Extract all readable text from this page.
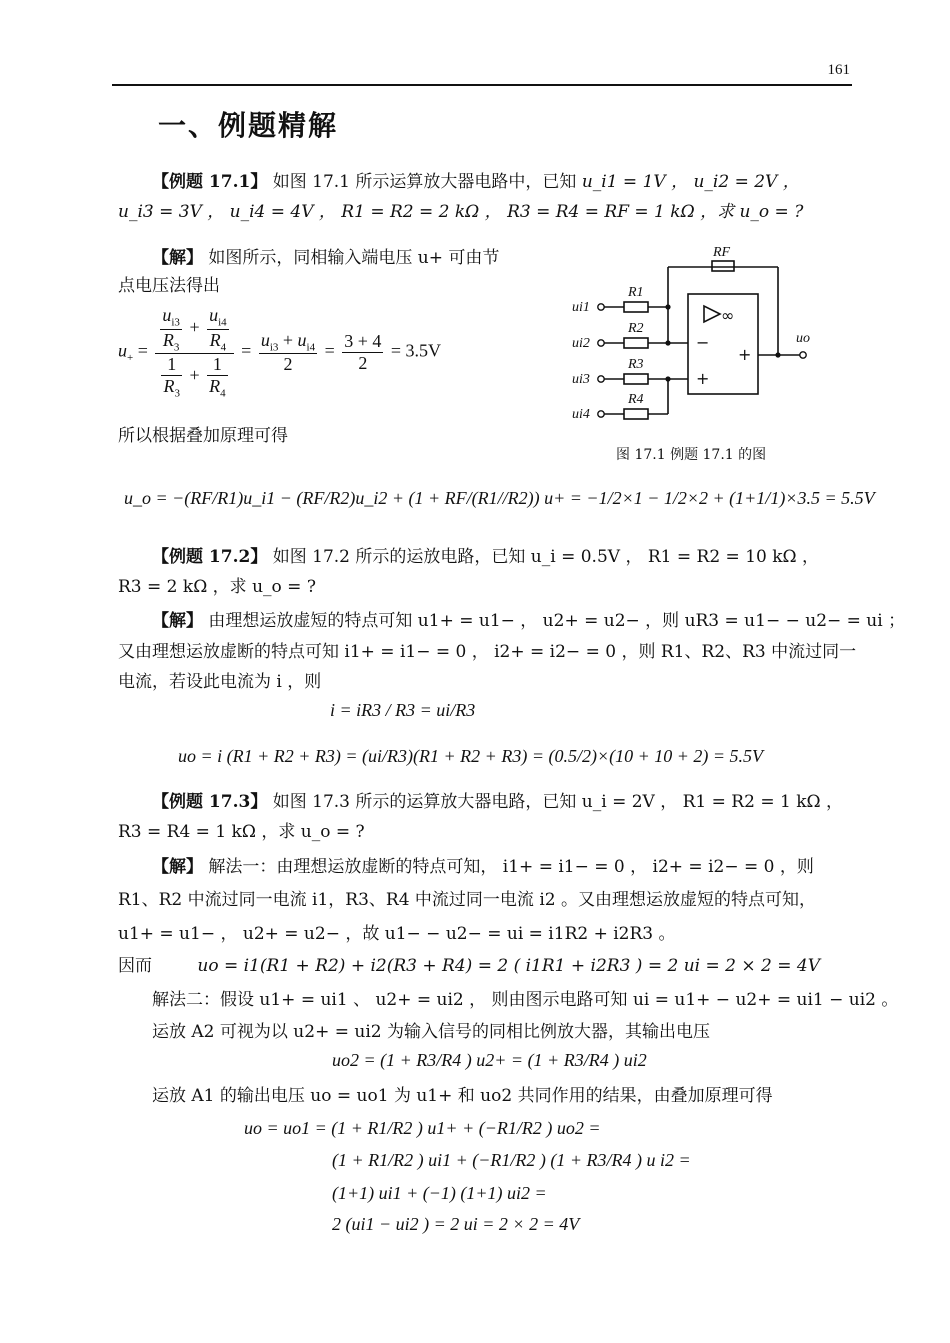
161
一、例题精解
【例题 17.1】 如图 17.1 所示运算放大器电路中，已知 u_i1 = 1V ， u_i2 = 2V ，
u_i3 = 3V ， u_i4 = 4V ， R1 = R2 = 2 kΩ ， R3 = R4 = RF = 1 kΩ ，求 u_o = ?
【解】 如图所示，同相输入端电压 u+ 可由节
点电压法得出
$u_+ = \frac{\frac{u_{i3}}{R_3} + \frac{u_{i4}}{R_4}}{\frac{1}{R_3} + \frac{1}{R_4}} = \frac{u_{i3} + u_{i4}}{2} = \frac{3 + 4}{2} = 3.5V$
所以根据叠加原理可得
RF
R1
R2
R3
R4
ui1
ui2
ui3
ui4
uo
∞
−
+
+
图 17.1 例题 17.1 的图
u_o = −(RF/R1)u_i1 − (RF/R2)u_i2 + (1 + RF/(R1//R2)) u+ = −1/2×1 − 1/2×2 + (1+1/1)×3.5 = 5.5V
【例题 17.2】 如图 17.2 所示的运放电路，已知 u_i = 0.5V ， R1 = R2 = 10 kΩ ，
R3 = 2 kΩ ，求 u_o = ?
【解】 由理想运放虚短的特点可知 u1+ = u1− ， u2+ = u2− ，则 uR3 = u1− − u2− = ui ；
又由理想运放虚断的特点可知 i1+ = i1− = 0 ， i2+ = i2− = 0 ，则 R1、R2、R3 中流过同一
电流，若设此电流为 i ，则
i = iR3 / R3 = ui/R3
uo = i (R1 + R2 + R3) = (ui/R3)(R1 + R2 + R3) = (0.5/2)×(10 + 10 + 2) = 5.5V
【例题 17.3】 如图 17.3 所示的运算放大器电路，已知 u_i = 2V ， R1 = R2 = 1 kΩ ，
R3 = R4 = 1 kΩ ，求 u_o = ?
【解】 解法一：由理想运放虚断的特点可知， i1+ = i1− = 0 ， i2+ = i2− = 0 ，则
R1、R2 中流过同一电流 i1，R3、R4 中流过同一电流 i2 。又由理想运放虚短的特点可知，
u1+ = u1− ， u2+ = u2− ，故 u1− − u2− = ui = i1R2 + i2R3 。
因而	uo = i1(R1 + R2) + i2(R3 + R4) = 2 ( i1R1 + i2R3 ) = 2 ui = 2 × 2 = 4V
解法二：假设 u1+ = ui1 、 u2+ = ui2 ， 则由图示电路可知 ui = u1+ − u2+ = ui1 − ui2 。
运放 A2 可视为以 u2+ = ui2 为输入信号的同相比例放大器，其输出电压
uo2 = (1 + R3/R4 ) u2+ = (1 + R3/R4 ) ui2
运放 A1 的输出电压 uo = uo1 为 u1+ 和 uo2 共同作用的结果，由叠加原理可得
uo = uo1 = (1 + R1/R2 ) u1+ + (−R1/R2 ) uo2 =
(1 + R1/R2 ) ui1 + (−R1/R2 ) (1 + R3/R4 ) u i2 =
(1+1) ui1 + (−1) (1+1) ui2 =
2 (ui1 − ui2 ) = 2 ui = 2 × 2 = 4V
